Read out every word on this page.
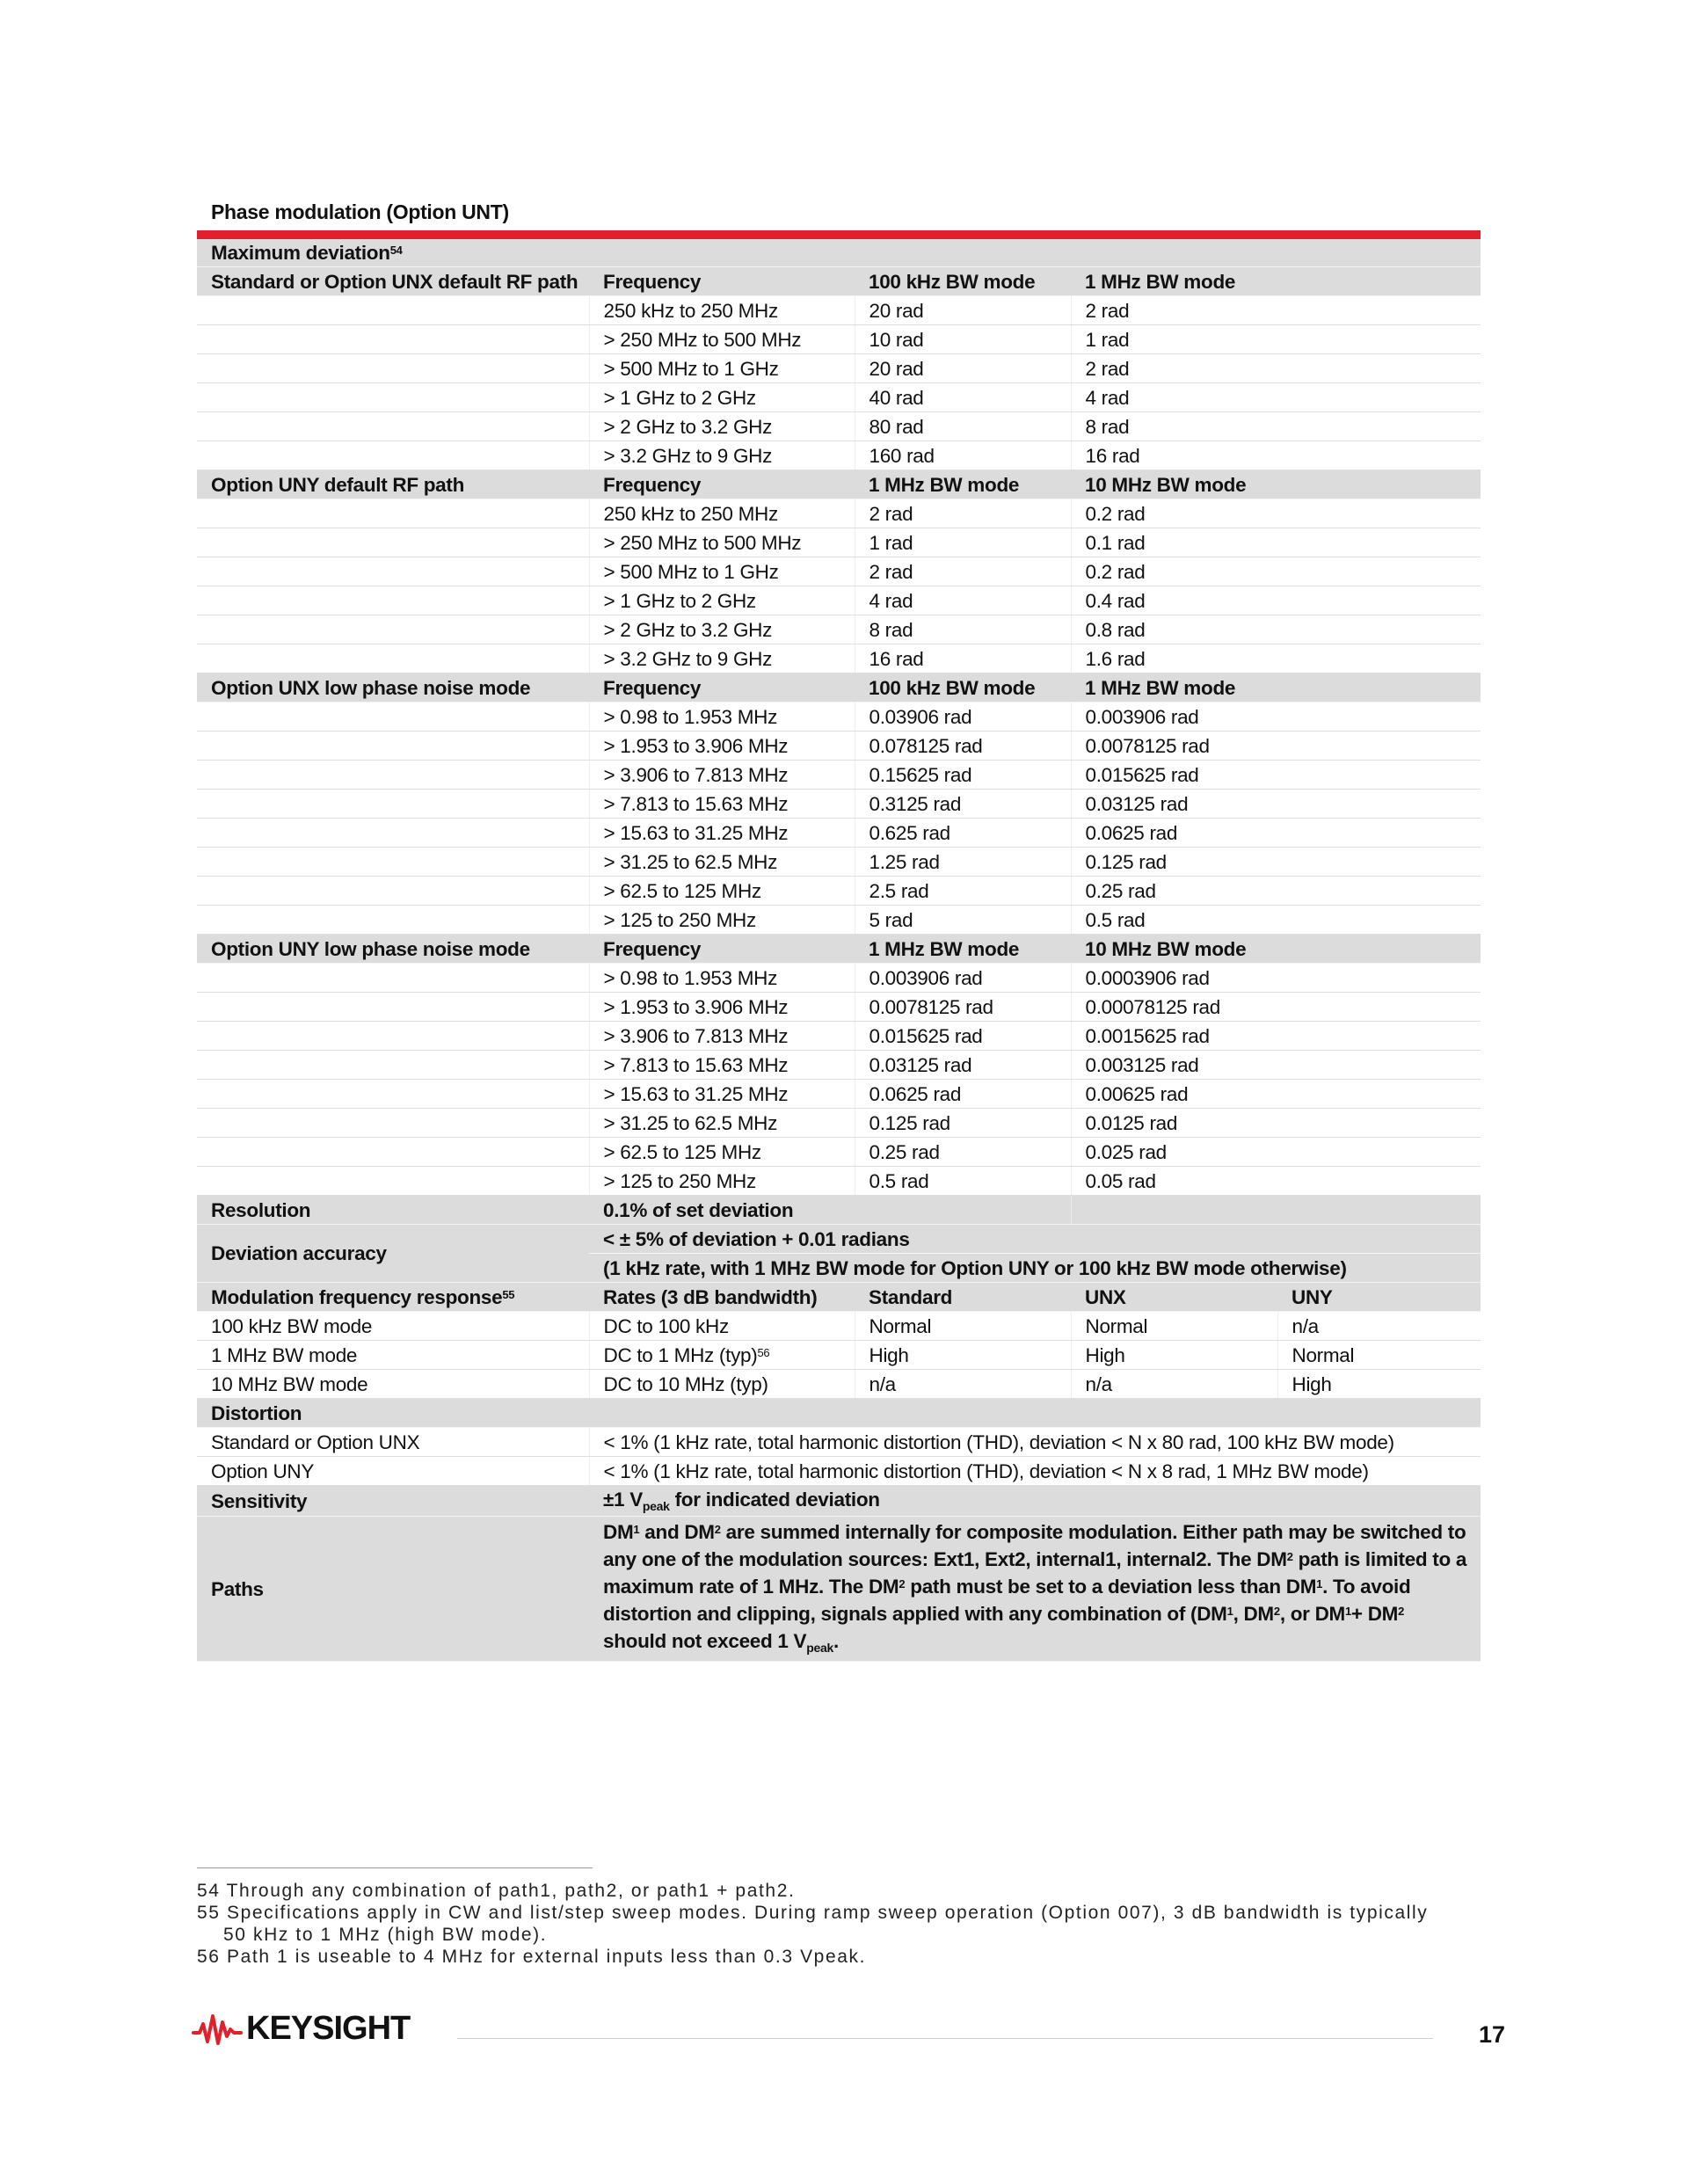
Phase modulation (Option UNT)
Maximum deviation$^{54}$
Standard or Option UNX default RF path	Frequency	100 kHz BW mode	1 MHz BW mode	
	250 kHz to 250 MHz	20 rad	2 rad	
	> 250 MHz to 500 MHz	10 rad	1 rad	
	> 500 MHz to 1 GHz	20 rad	2 rad	
	> 1 GHz to 2 GHz	40 rad	4 rad	
	> 2 GHz to 3.2 GHz	80 rad	8 rad	
	> 3.2 GHz to 9 GHz	160 rad	16 rad	
Option UNY default RF path	Frequency	1 MHz BW mode	10 MHz BW mode	
	250 kHz to 250 MHz	2 rad	0.2 rad	
	> 250 MHz to 500 MHz	1 rad	0.1 rad	
	> 500 MHz to 1 GHz	2 rad	0.2 rad	
	> 1 GHz to 2 GHz	4 rad	0.4 rad	
	> 2 GHz to 3.2 GHz	8 rad	0.8 rad	
	> 3.2 GHz to 9 GHz	16 rad	1.6 rad	
Option UNX low phase noise mode	Frequency	100 kHz BW mode	1 MHz BW mode	
	> 0.98 to 1.953 MHz	0.03906 rad	0.003906 rad	
	> 1.953 to 3.906 MHz	0.078125 rad	0.0078125 rad	
	> 3.906 to 7.813 MHz	0.15625 rad	0.015625 rad	
	> 7.813 to 15.63 MHz	0.3125 rad	0.03125 rad	
	> 15.63 to 31.25 MHz	0.625 rad	0.0625 rad	
	> 31.25 to 62.5 MHz	1.25 rad	0.125 rad	
	> 62.5 to 125 MHz	2.5 rad	0.25 rad	
	> 125 to 250 MHz	5 rad	0.5 rad	
Option UNY low phase noise mode	Frequency	1 MHz BW mode	10 MHz BW mode	
	> 0.98 to 1.953 MHz	0.003906 rad	0.0003906 rad	
	> 1.953 to 3.906 MHz	0.0078125 rad	0.00078125 rad	
	> 3.906 to 7.813 MHz	0.015625 rad	0.0015625 rad	
	> 7.813 to 15.63 MHz	0.03125 rad	0.003125 rad	
	> 15.63 to 31.25 MHz	0.0625 rad	0.00625 rad	
	> 31.25 to 62.5 MHz	0.125 rad	0.0125 rad	
	> 62.5 to 125 MHz	0.25 rad	0.025 rad	
	> 125 to 250 MHz	0.5 rad	0.05 rad	
Resolution	0.1% of set deviation			
Deviation accuracy	< ± 5% of deviation + 0.01 radians			
	(1 kHz rate, with 1 MHz BW mode for Option UNY or 100 kHz BW mode otherwise)			
Modulation frequency response$^{55}$	Rates (3 dB bandwidth)	Standard	UNX	UNY
100 kHz BW mode	DC to 100 kHz	Normal	Normal	n/a
1 MHz BW mode	DC to 1 MHz (typ)$^{56}$	High	High	Normal
10 MHz BW mode	DC to 10 MHz (typ)	n/a	n/a	High
Distortion				
Standard or Option UNX	< 1% (1 kHz rate, total harmonic distortion (THD), deviation < N x 80 rad, 100 kHz BW mode)			
Option UNY	< 1% (1 kHz rate, total harmonic distortion (THD), deviation < N x 8 rad, 1 MHz BW mode)			
Sensitivity	±1 $V_{peak}$ for indicated deviation			
Paths	$DM^1$ and $DM^2$ are summed internally for composite modulation. Either path may be switched to any one of the modulation sources: Ext1, Ext2, internal1, internal2. The $DM^2$ path is limited to a maximum rate of 1 MHz. The $DM^2$ path must be set to a deviation less than $DM^1$. To avoid distortion and clipping, signals applied with any combination of ($DM^1$, $DM^2$, or $DM^1+ DM^2$ should not exceed 1 $V_{peak}$.			
54 Through any combination of path1, path2, or path1 + path2.
55 Specifications apply in CW and list/step sweep modes. During ramp sweep operation (Option 007), 3 dB bandwidth is typically
50 kHz to 1 MHz (high BW mode).
56 Path 1 is useable to 4 MHz for external inputs less than 0.3 Vpeak.
KEYSIGHT	17
